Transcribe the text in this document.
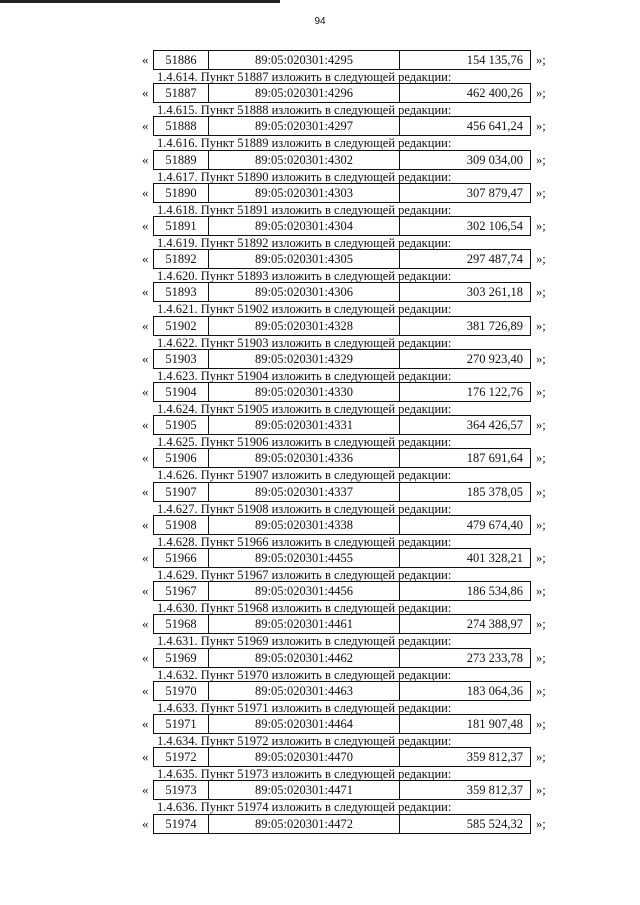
94
«	51886	89:05:020301:4295	154 135,76	»;
1.4.614. Пункт 51887 изложить в следующей редакции:
«	51887	89:05:020301:4296	462 400,26	»;
1.4.615. Пункт 51888 изложить в следующей редакции:
«	51888	89:05:020301:4297	456 641,24	»;
1.4.616. Пункт 51889 изложить в следующей редакции:
«	51889	89:05:020301:4302	309 034,00	»;
1.4.617. Пункт 51890 изложить в следующей редакции:
«	51890	89:05:020301:4303	307 879,47	»;
1.4.618. Пункт 51891 изложить в следующей редакции:
«	51891	89:05:020301:4304	302 106,54	»;
1.4.619. Пункт 51892 изложить в следующей редакции:
«	51892	89:05:020301:4305	297 487,74	»;
1.4.620. Пункт 51893 изложить в следующей редакции:
«	51893	89:05:020301:4306	303 261,18	»;
1.4.621. Пункт 51902 изложить в следующей редакции:
«	51902	89:05:020301:4328	381 726,89	»;
1.4.622. Пункт 51903 изложить в следующей редакции:
«	51903	89:05:020301:4329	270 923,40	»;
1.4.623. Пункт 51904 изложить в следующей редакции:
«	51904	89:05:020301:4330	176 122,76	»;
1.4.624. Пункт 51905 изложить в следующей редакции:
«	51905	89:05:020301:4331	364 426,57	»;
1.4.625. Пункт 51906 изложить в следующей редакции:
«	51906	89:05:020301:4336	187 691,64	»;
1.4.626. Пункт 51907 изложить в следующей редакции:
«	51907	89:05:020301:4337	185 378,05	»;
1.4.627. Пункт 51908 изложить в следующей редакции:
«	51908	89:05:020301:4338	479 674,40	»;
1.4.628. Пункт 51966 изложить в следующей редакции:
«	51966	89:05:020301:4455	401 328,21	»;
1.4.629. Пункт 51967 изложить в следующей редакции:
«	51967	89:05:020301:4456	186 534,86	»;
1.4.630. Пункт 51968 изложить в следующей редакции:
«	51968	89:05:020301:4461	274 388,97	»;
1.4.631. Пункт 51969 изложить в следующей редакции:
«	51969	89:05:020301:4462	273 233,78	»;
1.4.632. Пункт 51970 изложить в следующей редакции:
«	51970	89:05:020301:4463	183 064,36	»;
1.4.633. Пункт 51971 изложить в следующей редакции:
«	51971	89:05:020301:4464	181 907,48	»;
1.4.634. Пункт 51972 изложить в следующей редакции:
«	51972	89:05:020301:4470	359 812,37	»;
1.4.635. Пункт 51973 изложить в следующей редакции:
«	51973	89:05:020301:4471	359 812,37	»;
1.4.636. Пункт 51974 изложить в следующей редакции:
«	51974	89:05:020301:4472	585 524,32	»;
